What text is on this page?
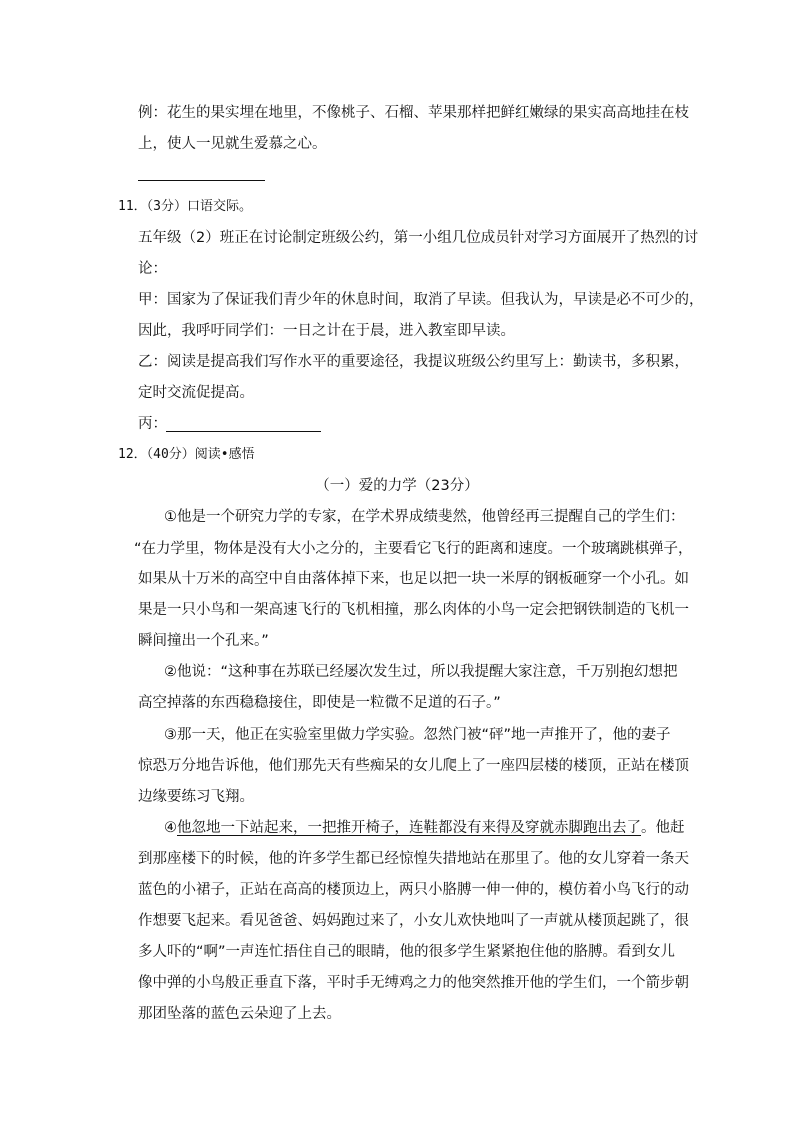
例：花生的果实埋在地里，不像桃子、石榴、苹果那样把鲜红嫩绿的果实高高地挂在枝
上，使人一见就生爱慕之心。
11．（3分）口语交际。
五年级（2）班正在讨论制定班级公约，第一小组几位成员针对学习方面展开了热烈的讨
论：
甲：国家为了保证我们青少年的休息时间，取消了早读。但我认为，早读是必不可少的，
因此，我呼吁同学们：一日之计在于晨，进入教室即早读。
乙：阅读是提高我们写作水平的重要途径，我提议班级公约里写上：勤读书，多积累，
定时交流促提高。
丙：
12．（40分）阅读•感悟
（一）爱的力学（23分）
①他是一个研究力学的专家，在学术界成绩斐然，他曾经再三提醒自己的学生们：
“在力学里，物体是没有大小之分的，主要看它飞行的距离和速度。一个玻璃跳棋弹子，
如果从十万米的高空中自由落体掉下来，也足以把一块一米厚的钢板砸穿一个小孔。如
果是一只小鸟和一架高速飞行的飞机相撞，那么肉体的小鸟一定会把钢铁制造的飞机一
瞬间撞出一个孔来。”
②他说：“这种事在苏联已经屡次发生过，所以我提醒大家注意，千万别抱幻想把
高空掉落的东西稳稳接住，即使是一粒微不足道的石子。”
③那一天，他正在实验室里做力学实验。忽然门被“砰”地一声推开了，他的妻子
惊恐万分地告诉他，他们那先天有些痴呆的女儿爬上了一座四层楼的楼顶，正站在楼顶
边缘要练习飞翔。
④他忽地一下站起来，一把推开椅子，连鞋都没有来得及穿就赤脚跑出去了。他赶
到那座楼下的时候，他的许多学生都已经惊惶失措地站在那里了。他的女儿穿着一条天
蓝色的小裙子，正站在高高的楼顶边上，两只小胳膊一伸一伸的，模仿着小鸟飞行的动
作想要飞起来。看见爸爸、妈妈跑过来了，小女儿欢快地叫了一声就从楼顶起跳了，很
多人吓的“啊”一声连忙捂住自己的眼睛，他的很多学生紧紧抱住他的胳膊。看到女儿
像中弹的小鸟般正垂直下落，平时手无缚鸡之力的他突然推开他的学生们，一个箭步朝
那团坠落的蓝色云朵迎了上去。
